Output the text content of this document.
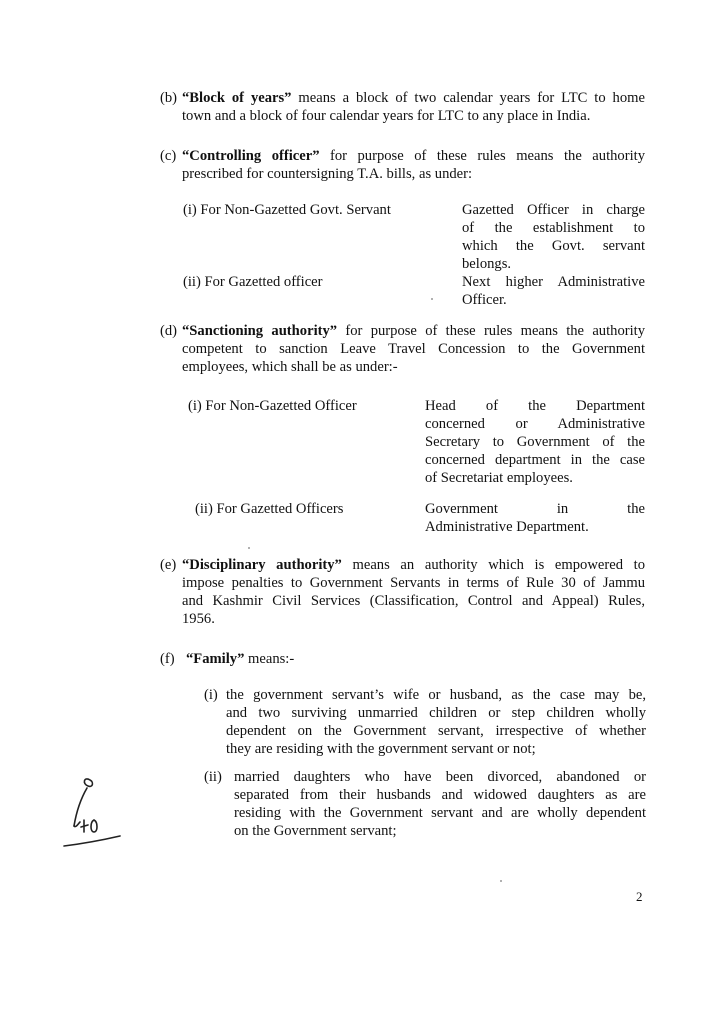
(b) “Block of years” means a block of two calendar years for LTC to home
town and a block of four calendar years for LTC to any place in India.
(c) “Controlling officer” for purpose of these rules means the authority
prescribed for countersigning T.A. bills, as under:
(i) For Non-Gazetted Govt. Servant	Gazetted Officer in charge
of the establishment to
which the Govt. servant
belongs.
(ii) For Gazetted officer	Next higher Administrative
Officer.
(d) “Sanctioning authority” for purpose of these rules means the authority
competent to sanction Leave Travel Concession to the Government
employees, which shall be as under:-
(i) For Non-Gazetted Officer	Head of the Department
concerned or Administrative
Secretary to Government of the
concerned department in the case
of Secretariat employees.
(ii) For Gazetted Officers	Government in the
Administrative Department.
(e) “Disciplinary authority” means an authority which is empowered to
impose penalties to Government Servants in terms of Rule 30 of Jammu
and Kashmir Civil Services (Classification, Control and Appeal) Rules,
1956.
(f) “Family” means:-
(i) the government servant’s wife or husband, as the case may be,
and two surviving unmarried children or step children wholly
dependent on the Government servant, irrespective of whether
they are residing with the government servant or not;
(ii) married daughters who have been divorced, abandoned or
separated from their husbands and widowed daughters as are
residing with the Government servant and are wholly dependent
on the Government servant;
2
